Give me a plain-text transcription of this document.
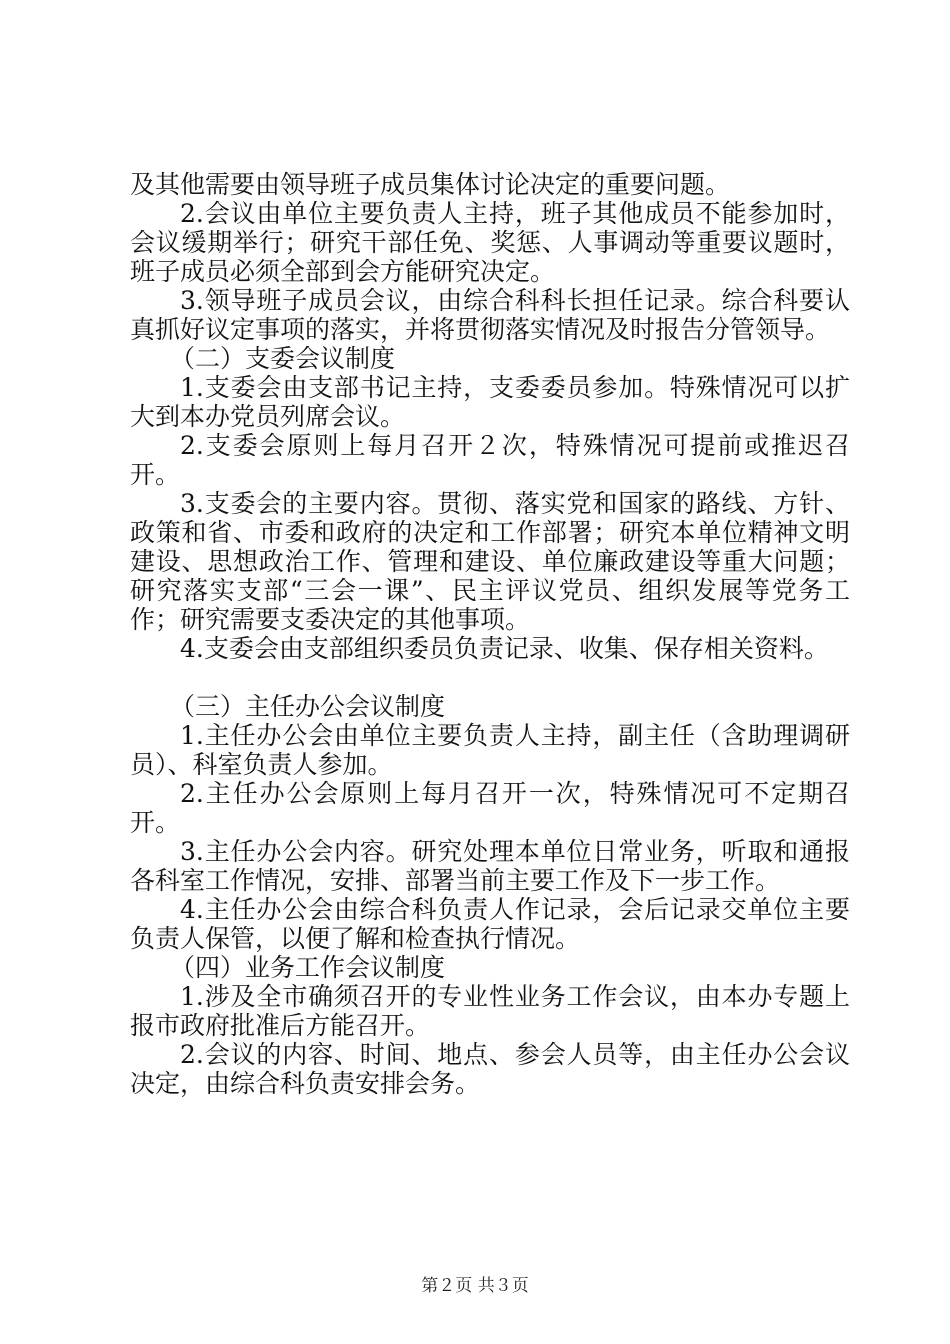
及其他需要由领导班子成员集体讨论决定的重要问题。

2.会议由单位主要负责人主持，班子其他成员不能参加时，会议缓期举行；研究干部任免、奖惩、人事调动等重要议题时，班子成员必须全部到会方能研究决定。

3.领导班子成员会议，由综合科科长担任记录。综合科要认真抓好议定事项的落实，并将贯彻落实情况及时报告分管领导。

（二）支委会议制度

1.支委会由支部书记主持，支委委员参加。特殊情况可以扩大到本办党员列席会议。

2.支委会原则上每月召开２次，特殊情况可提前或推迟召开。

3.支委会的主要内容。贯彻、落实党和国家的路线、方针、政策和省、市委和政府的决定和工作部署；研究本单位精神文明建设、思想政治工作、管理和建设、单位廉政建设等重大问题；研究落实支部“三会一课”、民主评议党员、组织发展等党务工作；研究需要支委决定的其他事项。

4.支委会由支部组织委员负责记录、收集、保存相关资料。

（三）主任办公会议制度

1.主任办公会由单位主要负责人主持，副主任（含助理调研员）、科室负责人参加。

2.主任办公会原则上每月召开一次，特殊情况可不定期召开。

3.主任办公会内容。研究处理本单位日常业务，听取和通报各科室工作情况，安排、部署当前主要工作及下一步工作。

4.主任办公会由综合科负责人作记录，会后记录交单位主要负责人保管，以便了解和检查执行情况。

（四）业务工作会议制度

1.涉及全市确须召开的专业性业务工作会议，由本办专题上报市政府批准后方能召开。

2.会议的内容、时间、地点、参会人员等，由主任办公会议决定，由综合科负责安排会务。

第２页 共３页
